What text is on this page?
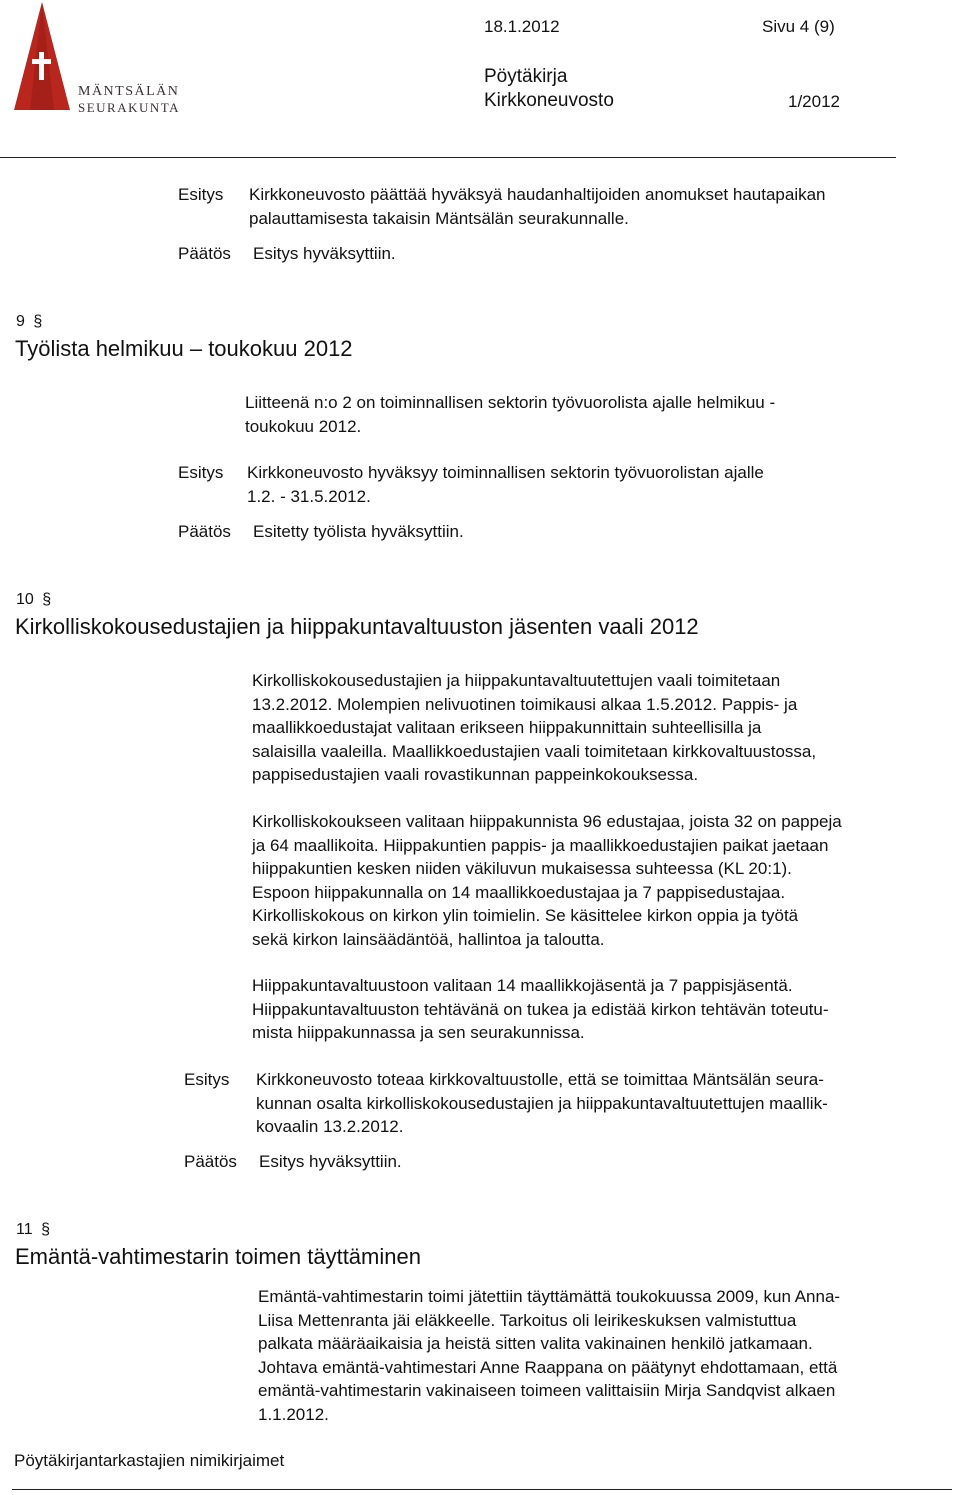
MÄNTSÄLÄN
SEURAKUNTA
18.1.2012	Sivu 4 (9)
Pöytäkirja
Kirkkoneuvosto	1/2012
Esitys Kirkkoneuvosto päättää hyväksyä haudanhaltijoiden anomukset hautapaikan

palauttamisesta takaisin Mäntsälän seurakunnalle.

Päätös Esitys hyväksyttiin.
9 §
Työlista helmikuu – toukokuu 2012

Liitteenä n:o 2 on toiminnallisen sektorin työvuorolista ajalle helmikuu -

toukokuu 2012.

Esitys Kirkkoneuvosto hyväksyy toiminnallisen sektorin työvuorolistan ajalle

1.2. - 31.5.2012.

Päätös Esitetty työlista hyväksyttiin.
10 §
Kirkolliskokousedustajien ja hiippakuntavaltuuston jäsenten vaali 2012

Kirkolliskokousedustajien ja hiippakuntavaltuutettujen vaali toimitetaan

13.2.2012. Molempien nelivuotinen toimikausi alkaa 1.5.2012. Pappis- ja

maallikkoedustajat valitaan erikseen hiippakunnittain suhteellisilla ja

salaisilla vaaleilla. Maallikkoedustajien vaali toimitetaan kirkkovaltuustossa,

pappisedustajien vaali rovastikunnan pappeinkokouksessa.

Kirkolliskokoukseen valitaan hiippakunnista 96 edustajaa, joista 32 on pappeja

ja 64 maallikoita. Hiippakuntien pappis- ja maallikkoedustajien paikat jaetaan

hiippakuntien kesken niiden väkiluvun mukaisessa suhteessa (KL 20:1).

Espoon hiippakunnalla on 14 maallikkoedustajaa ja 7 pappisedustajaa.

Kirkolliskokous on kirkon ylin toimielin. Se käsittelee kirkon oppia ja työtä

sekä kirkon lainsäädäntöä, hallintoa ja taloutta.

Hiippakuntavaltuustoon valitaan 14 maallikkojäsentä ja 7 pappisjäsentä.

Hiippakuntavaltuuston tehtävänä on tukea ja edistää kirkon tehtävän toteutu-

mista hiippakunnassa ja sen seurakunnissa.

Esitys Kirkkoneuvosto toteaa kirkkovaltuustolle, että se toimittaa Mäntsälän seura-

kunnan osalta kirkolliskokousedustajien ja hiippakuntavaltuutettujen maallik-

kovaalin 13.2.2012.

Päätös Esitys hyväksyttiin.
11 §
Emäntä-vahtimestarin toimen täyttäminen

Emäntä-vahtimestarin toimi jätettiin täyttämättä toukokuussa 2009, kun Anna-

Liisa Mettenranta jäi eläkkeelle. Tarkoitus oli leirikeskuksen valmistuttua

palkata määräaikaisia ja heistä sitten valita vakinainen henkilö jatkamaan.

Johtava emäntä-vahtimestari Anne Raappana on päätynyt ehdottamaan, että

emäntä-vahtimestarin vakinaiseen toimeen valittaisiin Mirja Sandqvist alkaen

1.1.2012.

Pöytäkirjantarkastajien nimikirjaimet
